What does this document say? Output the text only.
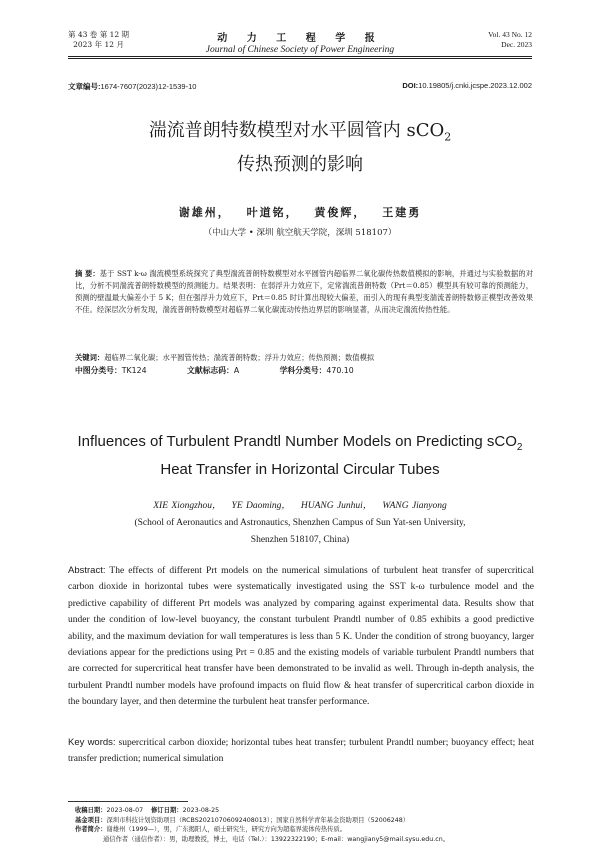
第 43 卷 第 12 期
2023 年 12 月
动 力 工 程 学 报
Journal of Chinese Society of Power Engineering
Vol. 43 No. 12
Dec. 2023
文章编号:1674-7607(2023)12-1539-10	DOI:10.19805/j.cnki.jcspe.2023.12.002
湍流普朗特数模型对水平圆管内 sCO$_2$
传热预测的影响
谢雄州， 叶道铭， 黄俊辉， 王建勇
（中山大学 • 深圳 航空航天学院，深圳 518107）
摘 要：基于 SST k-ω 湍流模型系统探究了典型湍流普朗特数模型对水平圆管内超临界二氧化碳传热数值模拟的影响，并通过与实验数据的对比，分析不同湍流普朗特数模型的预测能力。结果表明：在弱浮升力效应下，定常湍流普朗特数（Prt＝0.85）模型具有较可靠的预测能力，预测的壁温最大偏差小于 5 K；但在强浮升力效应下，Prt＝0.85 时计算出现较大偏差，而引入的现有典型变湍流普朗特数修正模型改善效果不佳。经深层次分析发现，湍流普朗特数模型对超临界二氧化碳流动传热边界层的影响显著，从而决定湍流传热性能。
关键词：超临界二氧化碳；水平圆管传热；湍流普朗特数；浮升力效应；传热预测；数值模拟
中图分类号：TK124	文献标志码：A	学科分类号：470.10
Influences of Turbulent Prandtl Number Models on Predicting sCO$_2$
Heat Transfer in Horizontal Circular Tubes
XIE Xiongzhou， YE Daoming， HUANG Junhui， WANG Jianyong
(School of Aeronautics and Astronautics, Shenzhen Campus of Sun Yat-sen University,
Shenzhen 518107, China)
Abstract: The effects of different Prt models on the numerical simulations of turbulent heat transfer of supercritical carbon dioxide in horizontal tubes were systematically investigated using the SST k-ω turbulence model and the predictive capability of different Prt models was analyzed by comparing against experimental data. Results show that under the condition of low-level buoyancy, the constant turbulent Prandtl number of 0.85 exhibits a good predictive ability, and the maximum deviation for wall temperatures is less than 5 K. Under the condition of strong buoyancy, larger deviations appear for the predictions using Prt = 0.85 and the existing models of variable turbulent Prandtl numbers that are corrected for supercritical heat transfer have been demonstrated to be invalid as well. Through in-depth analysis, the turbulent Prandtl number models have profound impacts on fluid flow & heat transfer of supercritical carbon dioxide in the boundary layer, and then determine the turbulent heat transfer performance.
Key words: supercritical carbon dioxide; horizontal tubes heat transfer; turbulent Prandtl number; buoyancy effect; heat transfer prediction; numerical simulation
收稿日期：2023-08-07 修订日期：2023-08-25
基金项目：深圳市科技计划资助项目（RCBS20210706092408013）；国家自然科学青年基金资助项目（52006248）
作者简介：谢雄州（1999—），男，广东揭阳人，硕士研究生，研究方向为超临界流体传热传质。
通信作者（通信作者）：男，助理教授，博士，电话（Tel.）：13922322190；E-mail：wangjiany5@mail.sysu.edu.cn。
